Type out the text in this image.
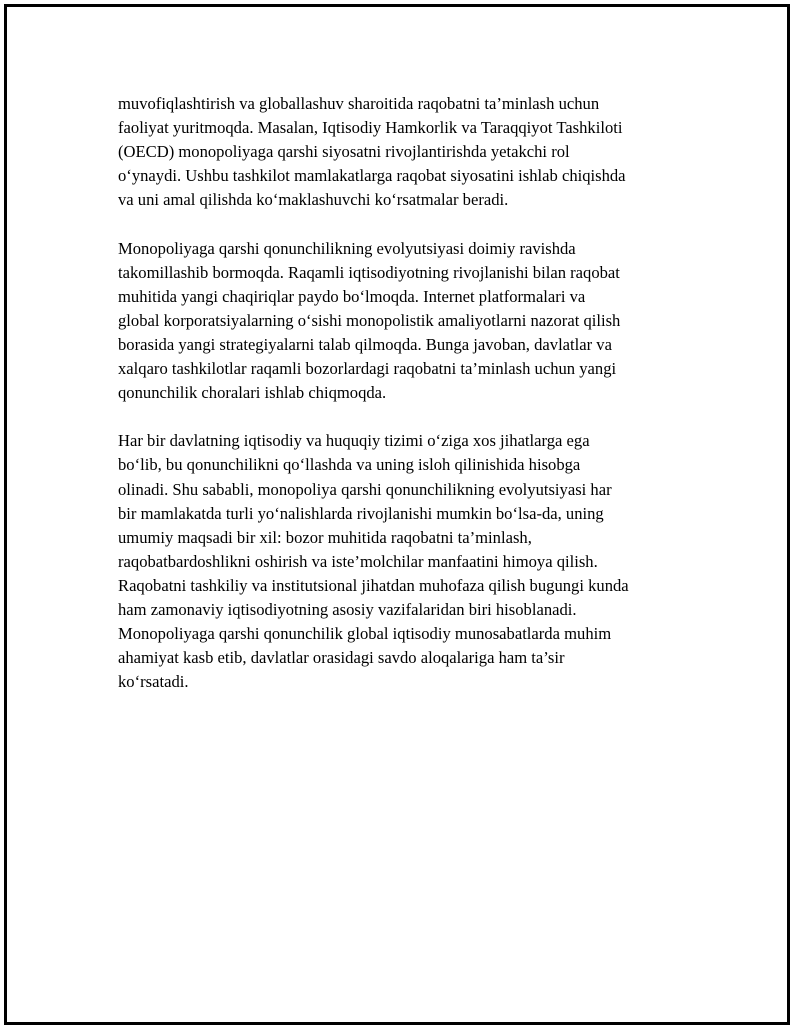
muvofiqlashtirish va globallashuv sharoitida raqobatni ta’minlash uchun
faoliyat yuritmoqda. Masalan, Iqtisodiy Hamkorlik va Taraqqiyot Tashkiloti
(OECD) monopoliyaga qarshi siyosatni rivojlantirishda yetakchi rol
o‘ynaydi. Ushbu tashkilot mamlakatlarga raqobat siyosatini ishlab chiqishda
va uni amal qilishda ko‘maklashuvchi ko‘rsatmalar beradi.

Monopoliyaga qarshi qonunchilikning evolyutsiyasi doimiy ravishda
takomillashib bormoqda. Raqamli iqtisodiyotning rivojlanishi bilan raqobat
muhitida yangi chaqiriqlar paydo bo‘lmoqda. Internet platformalari va
global korporatsiyalarning o‘sishi monopolistik amaliyotlarni nazorat qilish
borasida yangi strategiyalarni talab qilmoqda. Bunga javoban, davlatlar va
xalqaro tashkilotlar raqamli bozorlardagi raqobatni ta’minlash uchun yangi
qonunchilik choralari ishlab chiqmoqda.

Har bir davlatning iqtisodiy va huquqiy tizimi o‘ziga xos jihatlarga ega
bo‘lib, bu qonunchilikni qo‘llashda va uning isloh qilinishida hisobga
olinadi. Shu sababli, monopoliya qarshi qonunchilikning evolyutsiyasi har
bir mamlakatda turli yo‘nalishlarda rivojlanishi mumkin bo‘lsa-da, uning
umumiy maqsadi bir xil: bozor muhitida raqobatni ta’minlash,
raqobatbardoshlikni oshirish va iste’molchilar manfaatini himoya qilish.
Raqobatni tashkiliy va institutsional jihatdan muhofaza qilish bugungi kunda
ham zamonaviy iqtisodiyotning asosiy vazifalaridan biri hisoblanadi.
Monopoliyaga qarshi qonunchilik global iqtisodiy munosabatlarda muhim
ahamiyat kasb etib, davlatlar orasidagi savdo aloqalariga ham ta’sir
ko‘rsatadi.
